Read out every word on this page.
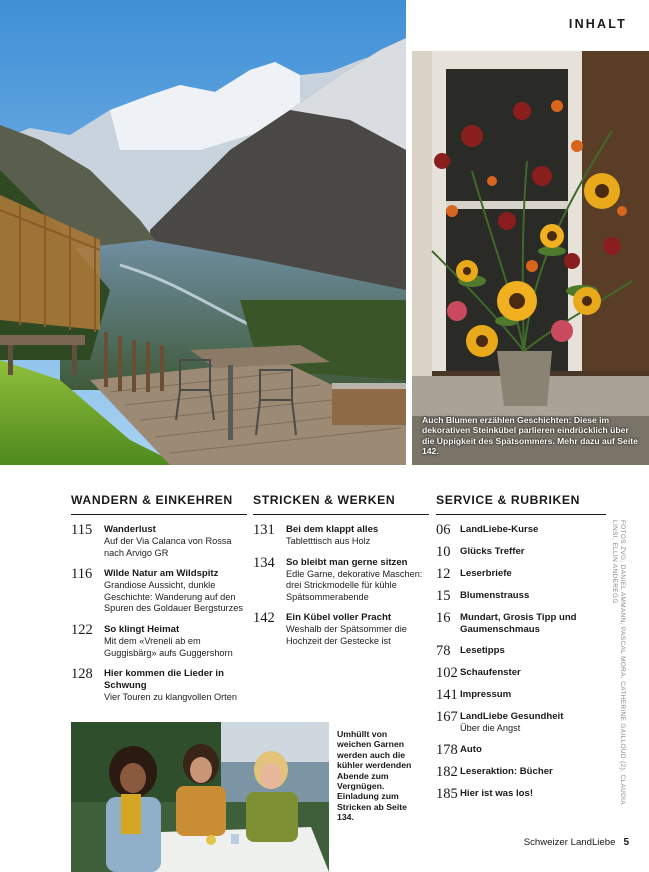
INHALT
Auch Blumen erzählen Geschichten: Diese im dekorativen Steinkübel parlieren eindrücklich über die Üppigkeit des Spätsommers. Mehr dazu auf Seite 142.
WANDERN & EINKEHREN
115	Wanderlust
Auf der Via Calanca von Rossa nach Arvigo GR
116	Wilde Natur am Wildspitz
Grandiose Aussicht, dunkle Geschichte: Wanderung auf den Spuren des Goldauer Bergsturzes
122	So klingt Heimat
Mit dem «Vreneli ab em Guggisbärg» aufs Guggershorn
128	Hier kommen die Lieder in Schwung
Vier Touren zu klangvollen Orten
STRICKEN & WERKEN
131	Bei dem klappt alles
Tabletttisch aus Holz
134	So bleibt man gerne sitzen
Edle Garne, dekorative Maschen: drei Strickmodelle für kühle Spätsommerabende
142	Ein Kübel voller Pracht
Weshalb der Spätsommer die Hochzeit der Gestecke ist
SERVICE & RUBRIKEN
06 LandLiebe-Kurse
10 Glücks Treffer
12 Leserbriefe
15 Blumenstrauss
16 Mundart, Grosis Tipp und Gaumenschmaus
78 Lesetipps
102 Schaufenster
141 Impressum
167 LandLiebe Gesundheit
Über die Angst
178 Auto
182 Leseraktion: Bücher
185 Hier ist was los!
Umhüllt von weichen Garnen werden auch die kühler werdenden Abende zum Vergnügen. Einladung zum Stricken ab Seite 134.
FOTOS ZVG, DANIEL AMMANN, PASCAL MORA, CATHERINE GAILLOUD (2), CLAUDIA LINSI, ELLIN ANDEREGG
Schweizer LandLiebe 5
